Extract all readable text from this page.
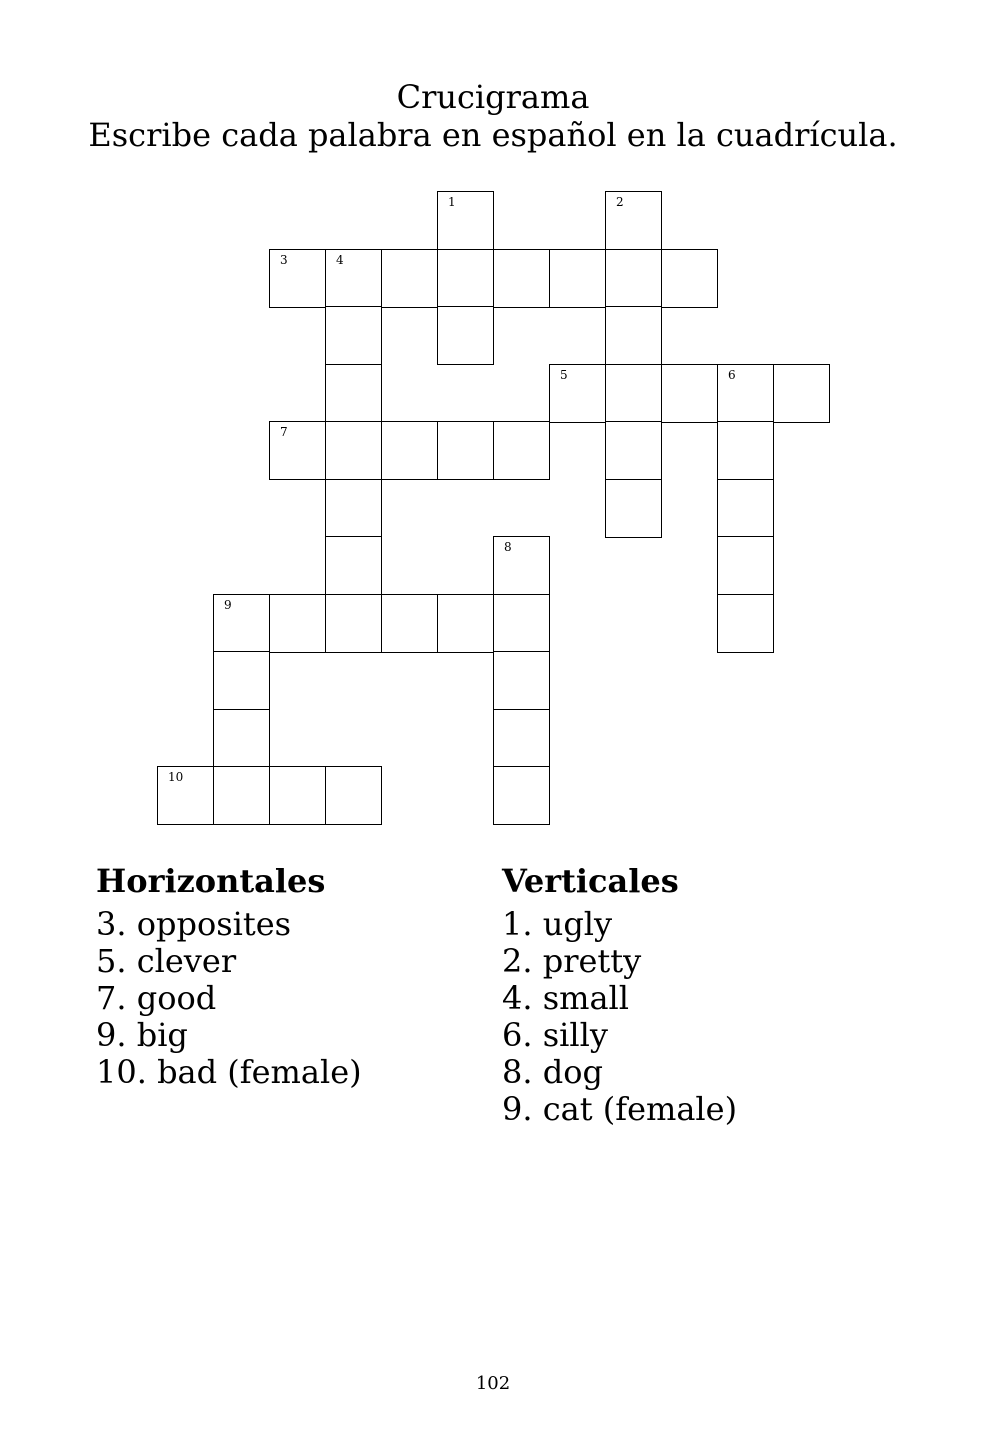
Crucigrama
Escribe cada palabra en español en la cuadrícula.
1	2
3	4
5	6
7
8
9
10
Horizontales
3. opposites
5. clever
7. good
9. big
10. bad (female)
Verticales
1. ugly
2. pretty
4. small
6. silly
8. dog
9. cat (female)
102
